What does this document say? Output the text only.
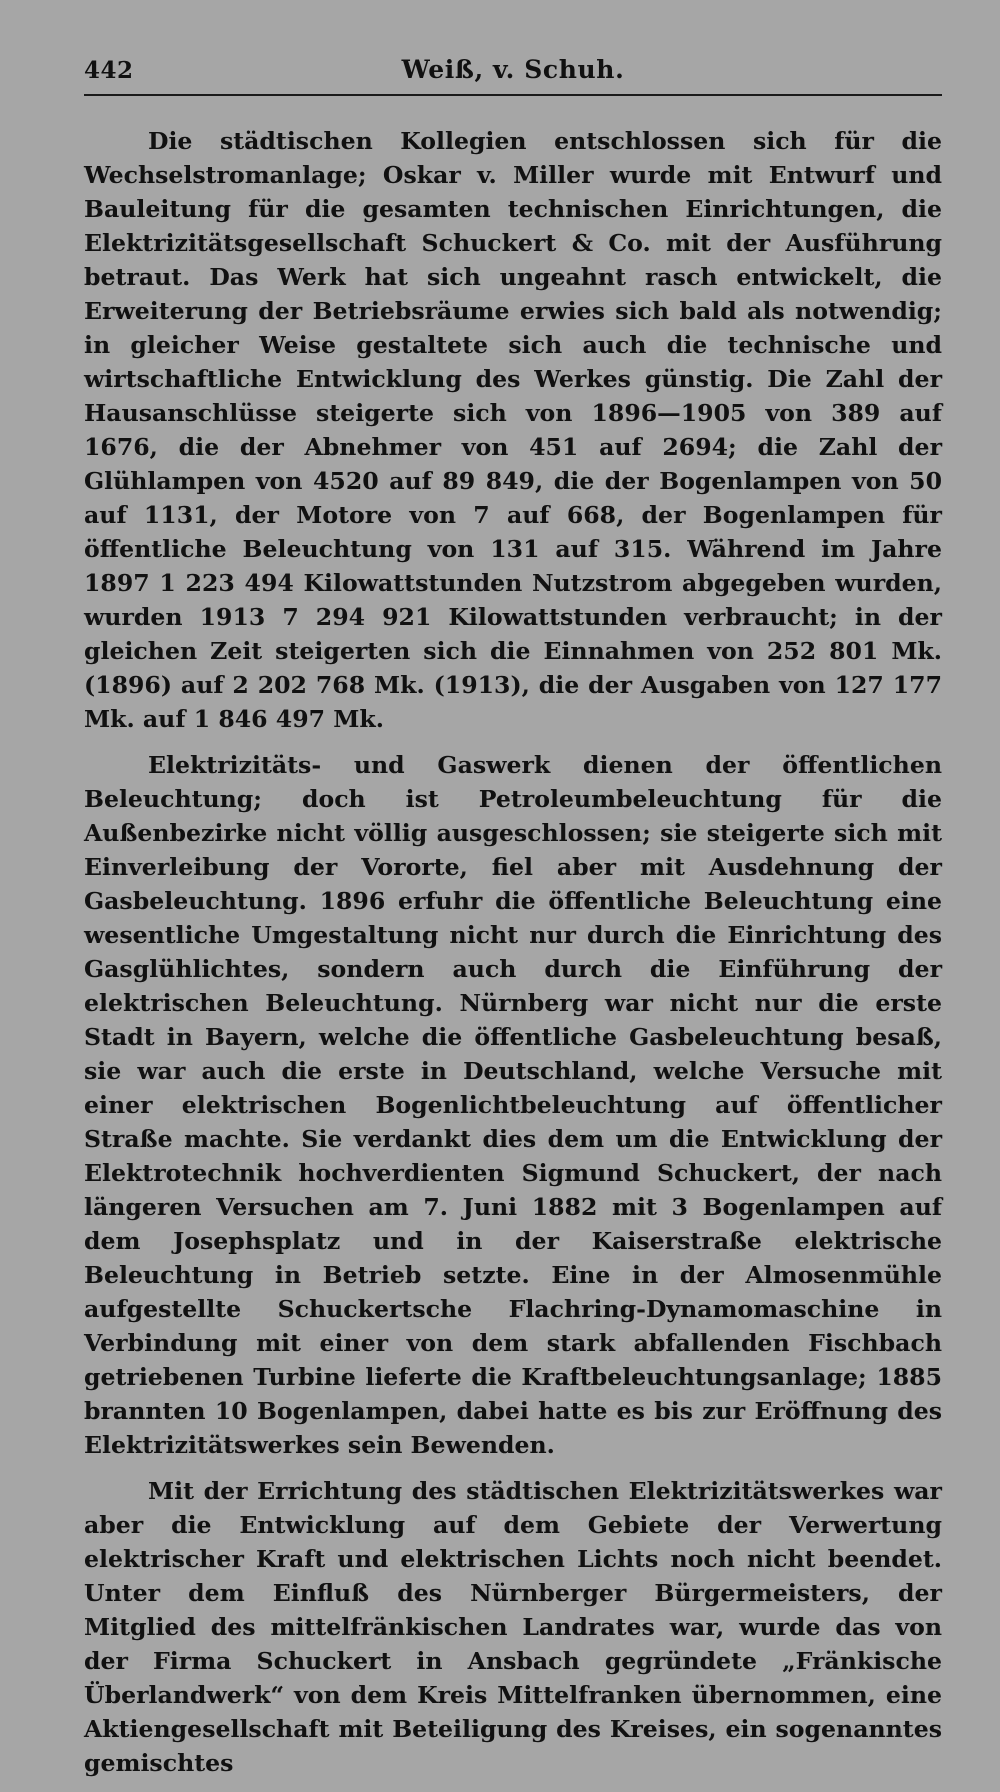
442	Weiß, v. Schuh.

Die städtischen Kollegien entschlossen sich für die Wechselstromanlage; Oskar v. Miller wurde mit Entwurf und Bauleitung für die gesamten technischen Einrichtungen, die Elektrizitätsgesellschaft Schuckert & Co. mit der Ausführung betraut. Das Werk hat sich ungeahnt rasch entwickelt, die Erweiterung der Betriebsräume erwies sich bald als notwendig; in gleicher Weise gestaltete sich auch die technische und wirtschaftliche Entwicklung des Werkes günstig. Die Zahl der Hausanschlüsse steigerte sich von 1896—1905 von 389 auf 1676, die der Abnehmer von 451 auf 2694; die Zahl der Glühlampen von 4520 auf 89 849, die der Bogenlampen von 50 auf 1131, der Motore von 7 auf 668, der Bogenlampen für öffentliche Beleuchtung von 131 auf 315. Während im Jahre 1897 1 223 494 Kilowattstunden Nutzstrom abgegeben wurden, wurden 1913 7 294 921 Kilowattstunden verbraucht; in der gleichen Zeit steigerten sich die Einnahmen von 252 801 Mk. (1896) auf 2 202 768 Mk. (1913), die der Ausgaben von 127 177 Mk. auf 1 846 497 Mk.

Elektrizitäts- und Gaswerk dienen der öffentlichen Beleuchtung; doch ist Petroleumbeleuchtung für die Außenbezirke nicht völlig ausgeschlossen; sie steigerte sich mit Einverleibung der Vororte, fiel aber mit Ausdehnung der Gasbeleuchtung. 1896 erfuhr die öffentliche Beleuchtung eine wesentliche Umgestaltung nicht nur durch die Einrichtung des Gasglühlichtes, sondern auch durch die Einführung der elektrischen Beleuchtung. Nürnberg war nicht nur die erste Stadt in Bayern, welche die öffentliche Gasbeleuchtung besaß, sie war auch die erste in Deutschland, welche Versuche mit einer elektrischen Bogenlichtbeleuchtung auf öffentlicher Straße machte. Sie verdankt dies dem um die Entwicklung der Elektrotechnik hochverdienten Sigmund Schuckert, der nach längeren Versuchen am 7. Juni 1882 mit 3 Bogenlampen auf dem Josephsplatz und in der Kaiserstraße elektrische Beleuchtung in Betrieb setzte. Eine in der Almosenmühle aufgestellte Schuckertsche Flachring-Dynamomaschine in Verbindung mit einer von dem stark abfallenden Fischbach getriebenen Turbine lieferte die Kraftbeleuchtungsanlage; 1885 brannten 10 Bogenlampen, dabei hatte es bis zur Eröffnung des Elektrizitätswerkes sein Bewenden.

Mit der Errichtung des städtischen Elektrizitätswerkes war aber die Entwicklung auf dem Gebiete der Verwertung elektrischer Kraft und elektrischen Lichts noch nicht beendet. Unter dem Einfluß des Nürnberger Bürgermeisters, der Mitglied des mittelfränkischen Landrates war, wurde das von der Firma Schuckert in Ansbach gegründete „Fränkische Überlandwerk“ von dem Kreis Mittelfranken übernommen, eine Aktiengesellschaft mit Beteiligung des Kreises, ein sogenanntes gemischtes
